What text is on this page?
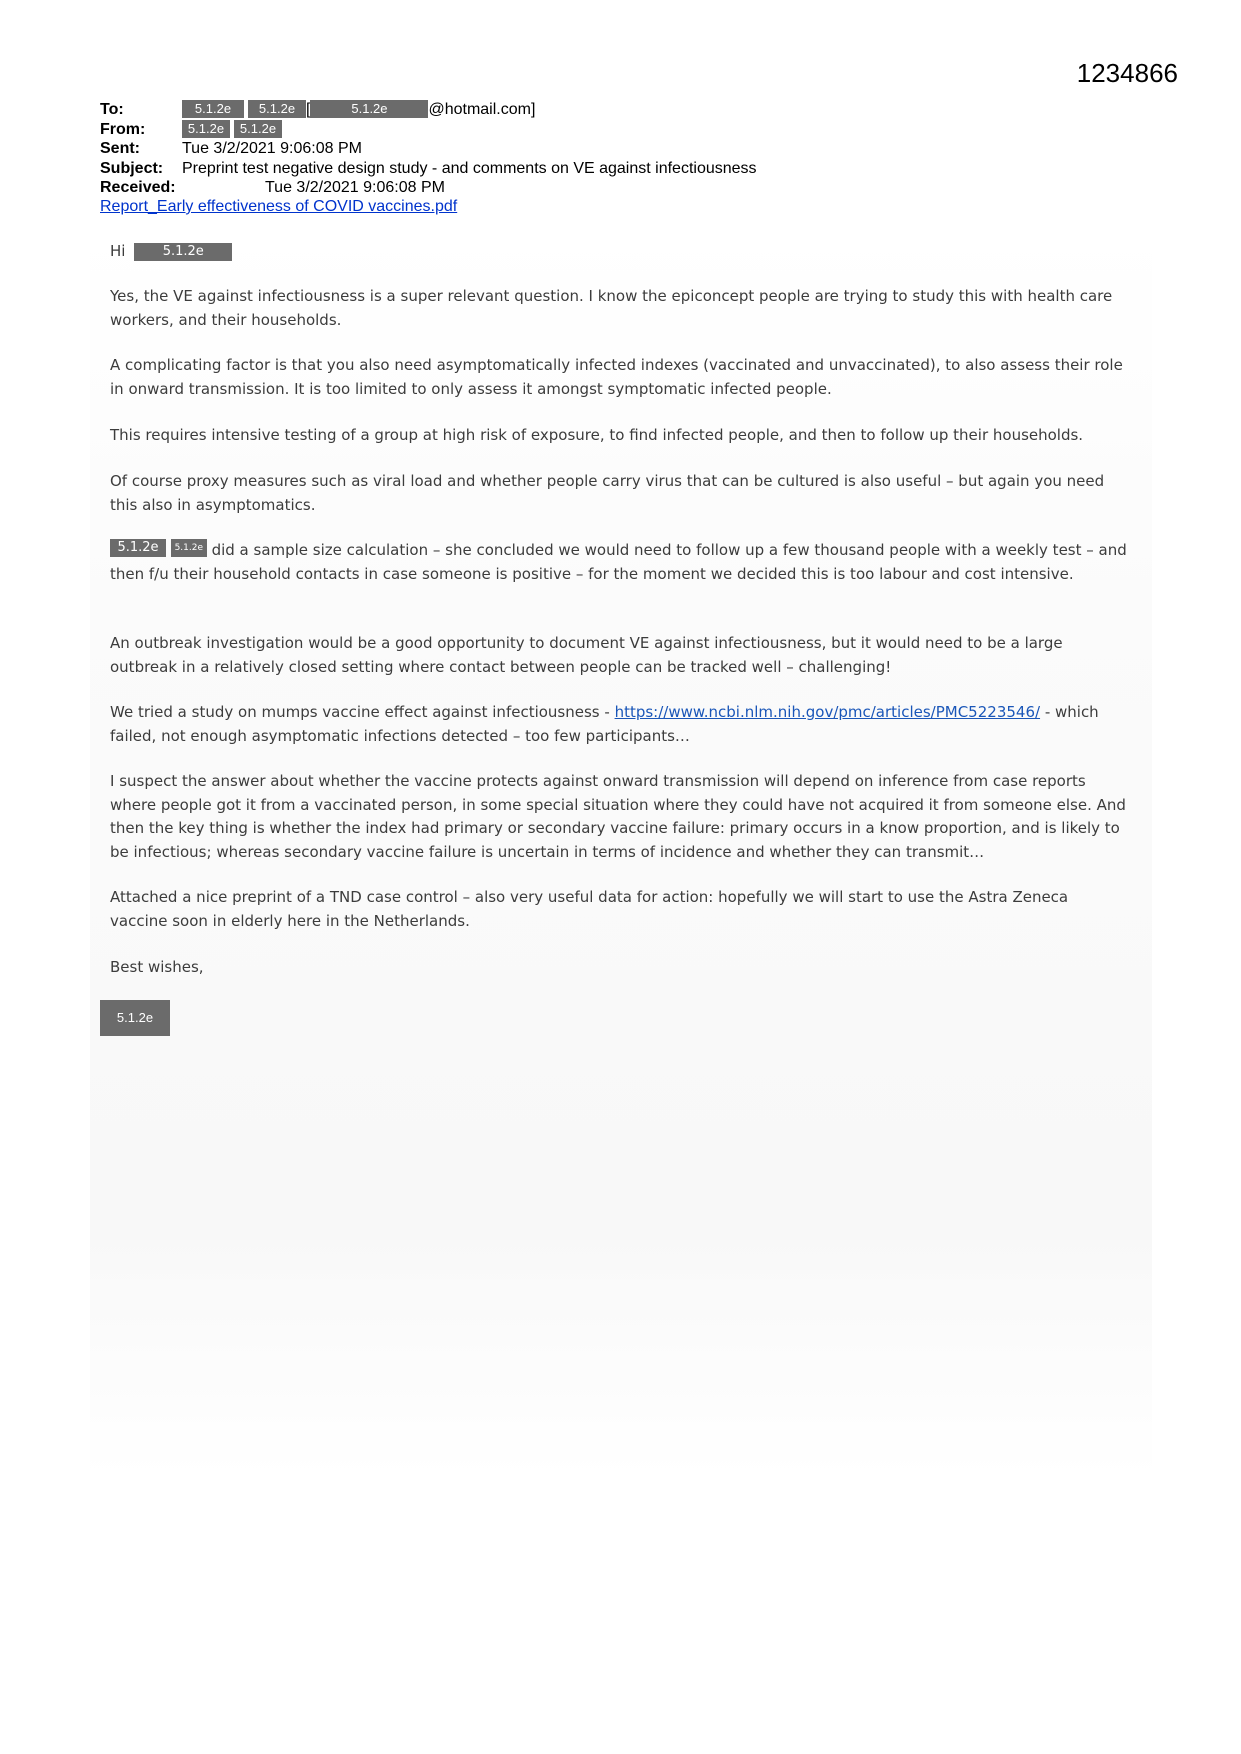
1234866
To:	5.1.2e 5.1.2e [	5.1.2e	@hotmail.com]
From:	5.1.2e 5.1.2e
Sent:	Tue 3/2/2021 9:06:08 PM
Subject: Preprint test negative design study - and comments on VE against infectiousness
Received:	Tue 3/2/2021 9:06:08 PM
Report_Early effectiveness of COVID vaccines.pdf
Hi	5.1.2e

Yes, the VE against infectiousness is a super relevant question. I know the epiconcept people are trying to study this with health care workers, and their households.

A complicating factor is that you also need asymptomatically infected indexes (vaccinated and unvaccinated), to also assess their role in onward transmission. It is too limited to only assess it amongst symptomatic infected people.

This requires intensive testing of a group at high risk of exposure, to find infected people, and then to follow up their households.

Of course proxy measures such as viral load and whether people carry virus that can be cultured is also useful – but again you need this also in asymptomatics.

5.1.2e 5.1.2e did a sample size calculation – she concluded we would need to follow up a few thousand people with a weekly test – and then f/u their household contacts in case someone is positive – for the moment we decided this is too labour and cost intensive.

An outbreak investigation would be a good opportunity to document VE against infectiousness, but it would need to be a large outbreak in a relatively closed setting where contact between people can be tracked well – challenging!

We tried a study on mumps vaccine effect against infectiousness - https://www.ncbi.nlm.nih.gov/pmc/articles/PMC5223546/ - which failed, not enough asymptomatic infections detected – too few participants…

I suspect the answer about whether the vaccine protects against onward transmission will depend on inference from case reports where people got it from a vaccinated person, in some special situation where they could have not acquired it from someone else. And then the key thing is whether the index had primary or secondary vaccine failure: primary occurs in a know proportion, and is likely to be infectious; whereas secondary vaccine failure is uncertain in terms of incidence and whether they can transmit…

Attached a nice preprint of a TND case control – also very useful data for action: hopefully we will start to use the Astra Zeneca vaccine soon in elderly here in the Netherlands.

Best wishes,

5.1.2e
